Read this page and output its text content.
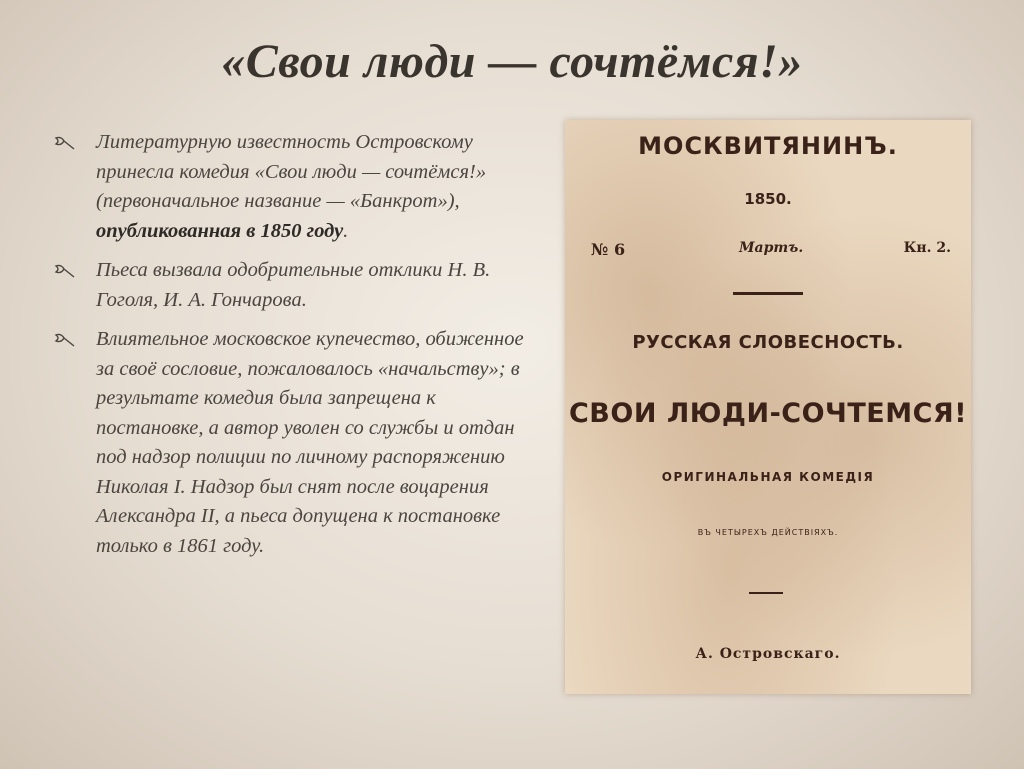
«Свои люди — сочтёмся!»
Литературную известность Островскому принесла комедия «Свои люди — сочтёмся!» (первоначальное название — «Банкрот»), опубликованная в 1850 году.
Пьеса вызвала одобрительные отклики Н. В. Гоголя, И. А. Гончарова.
Влиятельное московское купечество, обиженное за своё сословие, пожаловалось «начальству»; в результате комедия была запрещена к постановке, а автор уволен со службы и отдан под надзор полиции по личному распоряжению Николая I. Надзор был снят после воцарения Александра II, а пьеса допущена к постановке только в 1861 году.
МОСКВИТЯНИНЪ.
1850.
№ 6	Мартъ.	Кн. 2.
РУССКАЯ СЛОВЕСНОСТЬ.
СВОИ ЛЮДИ-СОЧТЕМСЯ!
ОРИГИНАЛЬНАЯ КОМЕДІЯ
ВЪ ЧЕТЫРЕХЪ ДЕЙСТВІЯХЪ.
А. Островскаго.
